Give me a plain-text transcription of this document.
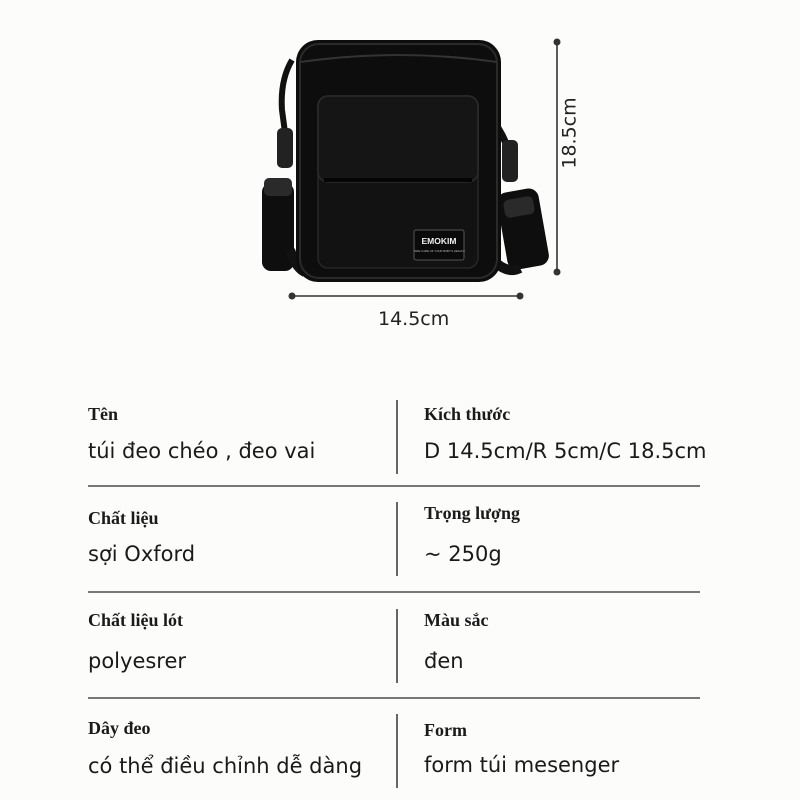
EMOKIM
TAKE CARE OF YOUR BABY'S HEALTH
14.5cm
18.5cm
Tên
túi đeo chéo , đeo vai
Kích thước
D 14.5cm/R 5cm/C 18.5cm
Chất liệu
sợi Oxford
Trọng lượng
~ 250g
Chất liệu lót
polyesrer
Màu sắc
đen
Dây đeo
có thể điều chỉnh dễ dàng
Form
form túi mesenger
